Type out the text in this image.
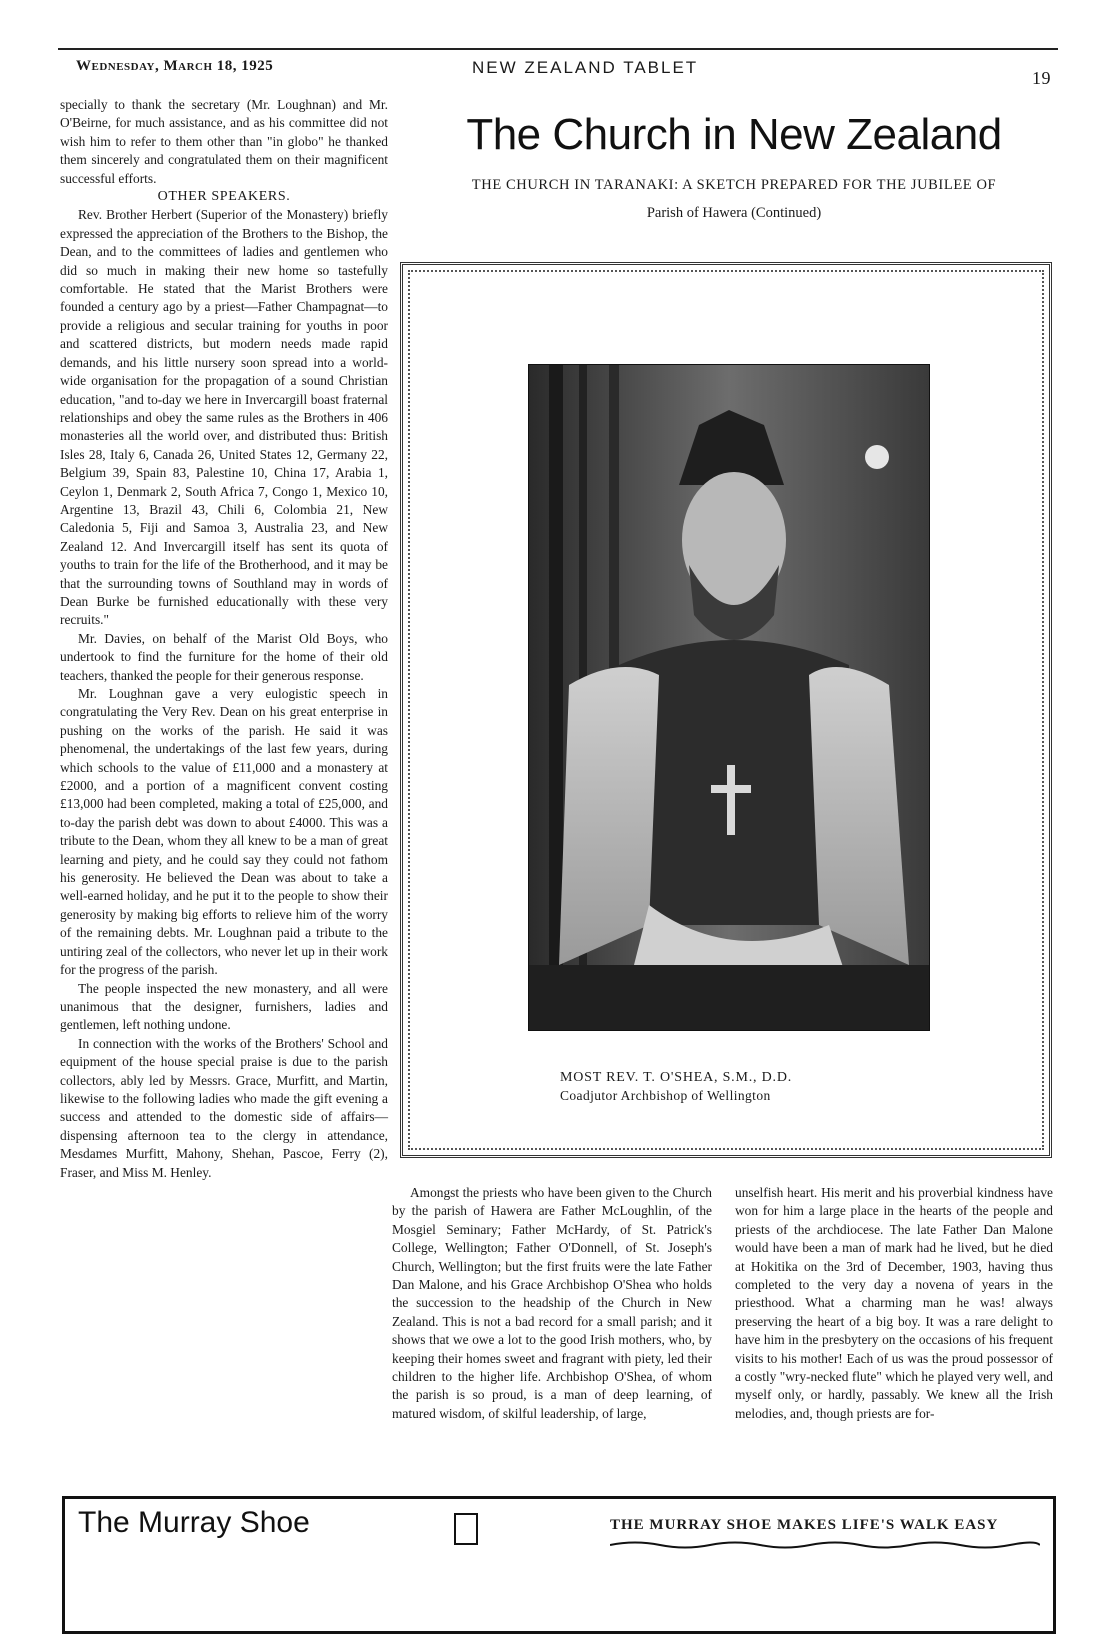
Wednesday, March 18, 1925	NEW ZEALAND TABLET
19

specially to thank the secretary (Mr. Loughnan) and Mr. O'Beirne, for much assistance, and as his committee did not wish him to refer to them other than "in globo" he thanked them sincerely and congratulated them on their magnificent successful efforts.

OTHER SPEAKERS.

Rev. Brother Herbert (Superior of the Monastery) briefly expressed the appreciation of the Brothers to the Bishop, the Dean, and to the committees of ladies and gentlemen who did so much in making their new home so tastefully comfortable. He stated that the Marist Brothers were founded a century ago by a priest—Father Champagnat—to provide a religious and secular training for youths in poor and scattered districts, but modern needs made rapid demands, and his little nursery soon spread into a world-wide organisation for the propagation of a sound Christian education, "and to-day we here in Invercargill boast fraternal relationships and obey the same rules as the Brothers in 406 monasteries all the world over, and distributed thus: British Isles 28, Italy 6, Canada 26, United States 12, Germany 22, Belgium 39, Spain 83, Palestine 10, China 17, Arabia 1, Ceylon 1, Denmark 2, South Africa 7, Congo 1, Mexico 10, Argentine 13, Brazil 43, Chili 6, Colombia 21, New Caledonia 5, Fiji and Samoa 3, Australia 23, and New Zealand 12. And Invercargill itself has sent its quota of youths to train for the life of the Brotherhood, and it may be that the surrounding towns of Southland may in words of Dean Burke be furnished educationally with these very recruits."

Mr. Davies, on behalf of the Marist Old Boys, who undertook to find the furniture for the home of their old teachers, thanked the people for their generous response.

Mr. Loughnan gave a very eulogistic speech in congratulating the Very Rev. Dean on his great enterprise in pushing on the works of the parish. He said it was phenomenal, the undertakings of the last few years, during which schools to the value of £11,000 and a monastery at £2000, and a portion of a magnificent convent costing £13,000 had been completed, making a total of £25,000, and to-day the parish debt was down to about £4000. This was a tribute to the Dean, whom they all knew to be a man of great learning and piety, and he could say they could not fathom his generosity. He believed the Dean was about to take a well-earned holiday, and he put it to the people to show their generosity by making big efforts to relieve him of the worry of the remaining debts. Mr. Loughnan paid a tribute to the untiring zeal of the collectors, who never let up in their work for the progress of the parish.

The people inspected the new monastery, and all were unanimous that the designer, furnishers, ladies and gentlemen, left nothing undone.

In connection with the works of the Brothers' School and equipment of the house special praise is due to the parish collectors, ably led by Messrs. Grace, Murfitt, and Martin, likewise to the following ladies who made the gift evening a success and attended to the domestic side of affairs—dispensing afternoon tea to the clergy in attendance, Mesdames Murfitt, Mahony, Shehan, Pascoe, Ferry (2), Fraser, and Miss M. Henley.

The Church in New Zealand
THE CHURCH IN TARANAKI: A SKETCH PREPARED FOR THE JUBILEE OF
Parish of Hawera (Continued)
MOST REV. T. O'SHEA, S.M., D.D.
Coadjutor Archbishop of Wellington

Amongst the priests who have been given to the Church by the parish of Hawera are Father McLoughlin, of the Mosgiel Seminary; Father McHardy, of St. Patrick's College, Wellington; Father O'Donnell, of St. Joseph's Church, Wellington; but the first fruits were the late Father Dan Malone, and his Grace Archbishop O'Shea who holds the succession to the headship of the Church in New Zealand. This is not a bad record for a small parish; and it shows that we owe a lot to the good Irish mothers, who, by keeping their homes sweet and fragrant with piety, led their children to the higher life. Archbishop O'Shea, of whom the parish is so proud, is a man of deep learning, of matured wisdom, of skilful leadership, of large,

unselfish heart. His merit and his proverbial kindness have won for him a large place in the hearts of the people and priests of the archdiocese. The late Father Dan Malone would have been a man of mark had he lived, but he died at Hokitika on the 3rd of December, 1903, having thus completed to the very day a novena of years in the priesthood. What a charming man he was! always preserving the heart of a big boy. It was a rare delight to have him in the presbytery on the occasions of his frequent visits to his mother! Each of us was the proud possessor of a costly "wry-necked flute" which he played very well, and myself only, or hardly, passably. We knew all the Irish melodies, and, though priests are for-

The Murray Shoe	THE MURRAY SHOE MAKES LIFE'S WALK EASY
